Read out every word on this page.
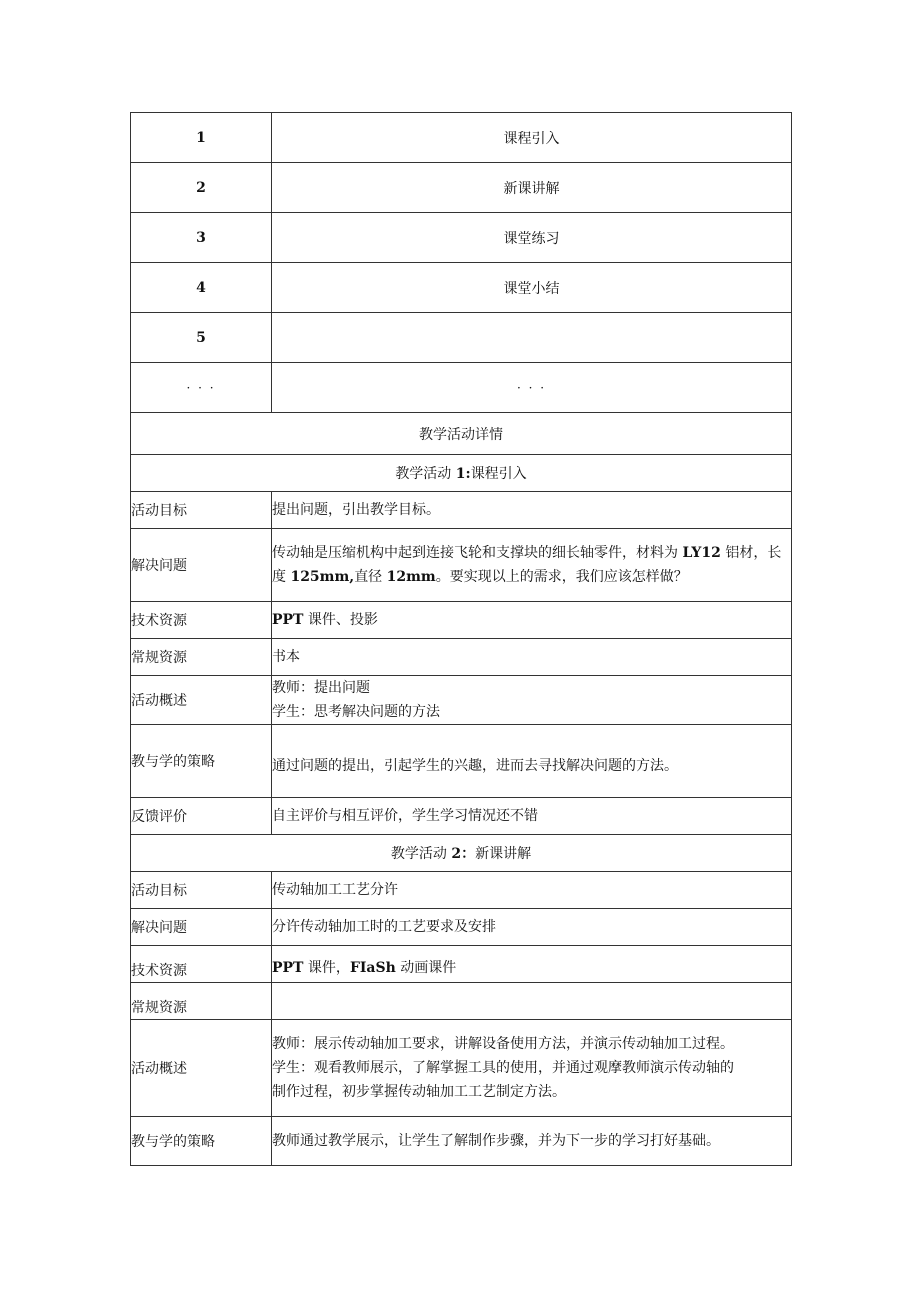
1	课程引入
2	新课讲解
3	课堂练习
4	课堂小结
5	
· · ·	· · ·
教学活动详情	
教学活动 1:课程引入	
活动目标	提出问题，引出教学目标。
解决问题	传动轴是压缩机构中起到连接飞轮和支撑块的细长轴零件，材料为 LY12 铝材，长度 125mm,直径 12mm。要实现以上的需求，我们应该怎样做？
技术资源	PPT 课件、投影
常规资源	书本
活动概述	教师：提出问题
学生：思考解决问题的方法

教与学的策略	通过问题的提出，引起学生的兴趣，进而去寻找解决问题的方法。
反馈评价	自主评价与相互评价，学生学习情况还不错
教学活动 2：新课讲解	
活动目标	传动轴加工工艺分许
解决问题	分许传动轴加工时的工艺要求及安排
技术资源	PPT 课件，FIaSh 动画课件
常规资源	
活动概述	教师：展示传动轴加工要求，讲解设备使用方法，并演示传动轴加工过程。
学生：观看教师展示，了解掌握工具的使用，并通过观摩教师演示传动轴的
制作过程，初步掌握传动轴加工工艺制定方法。

教与学的策略	教师通过教学展示，让学生了解制作步骤，并为下一步的学习打好基础。
